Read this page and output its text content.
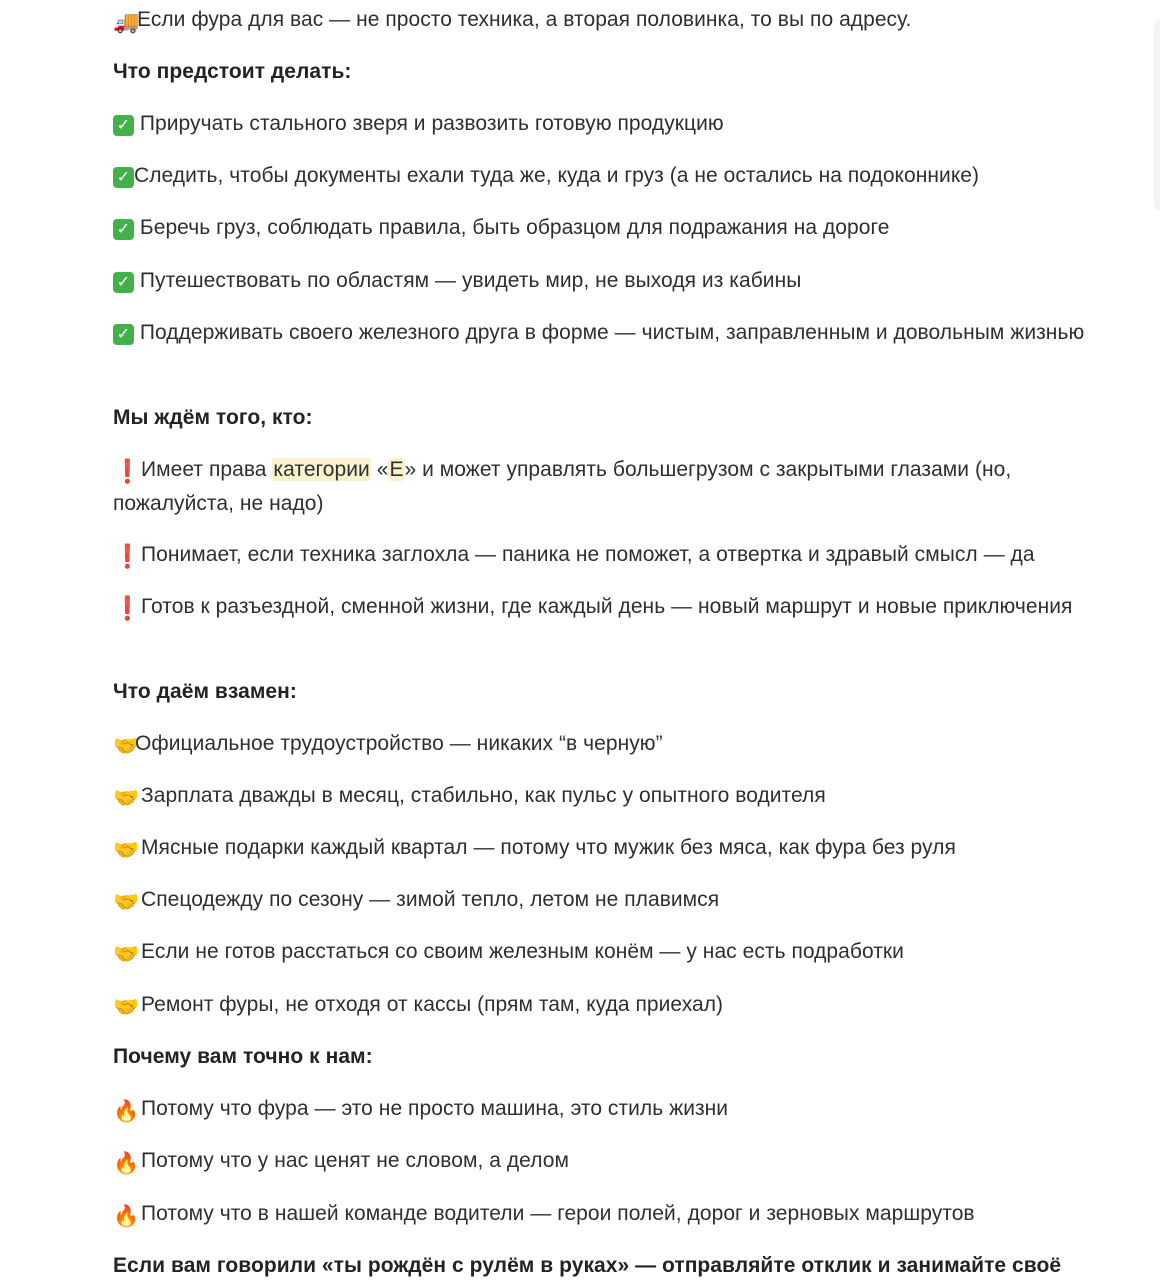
🚚Если фура для вас — не просто техника, а вторая половинка, то вы по адресу.
Что предстоит делать:
✓ Приручать стального зверя и развозить готовую продукцию
✓ Следить, чтобы документы ехали туда же, куда и груз (а не остались на подоконнике)
✓ Беречь груз, соблюдать правила, быть образцом для подражания на дороге
✓ Путешествовать по областям — увидеть мир, не выходя из кабины
✓ Поддерживать своего железного друга в форме — чистым, заправленным и довольным жизнью
Мы ждём того, кто:
❗Имеет права категории «Е» и может управлять большегрузом с закрытыми глазами (но, пожалуйста, не надо)
❗Понимает, если техника заглохла — паника не поможет, а отвертка и здравый смысл — да
❗Готов к разъездной, сменной жизни, где каждый день — новый маршрут и новые приключения
Что даём взамен:
🤝Официальное трудоустройство — никаких “в черную”
🤝Зарплата дважды в месяц, стабильно, как пульс у опытного водителя
🤝Мясные подарки каждый квартал — потому что мужик без мяса, как фура без руля
🤝Спецодежду по сезону — зимой тепло, летом не плавимся
🤝Если не готов расстаться со своим железным конём — у нас есть подработки
🤝Ремонт фуры, не отходя от кассы (прям там, куда приехал)
Почему вам точно к нам:
🔥Потому что фура — это не просто машина, это стиль жизни
🔥Потому что у нас ценят не словом, а делом
🔥Потому что в нашей команде водители — герои полей, дорог и зерновых маршрутов
Если вам говорили «ты рождён с рулём в руках» — отправляйте отклик и занимайте своё
